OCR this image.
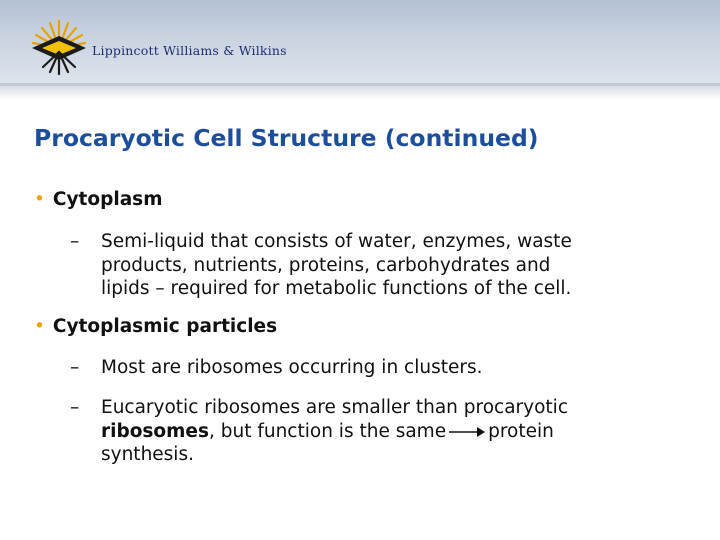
Lippincott Williams & Wilkins
Procaryotic Cell Structure (continued)
• Cytoplasm
– Semi-liquid that consists of water, enzymes, waste
products, nutrients, proteins, carbohydrates and
lipids – required for metabolic functions of the cell.
• Cytoplasmic particles
– Most are ribosomes occurring in clusters.
– Eucaryotic ribosomes are smaller than procaryotic
ribosomes, but function is the same protein
synthesis.
